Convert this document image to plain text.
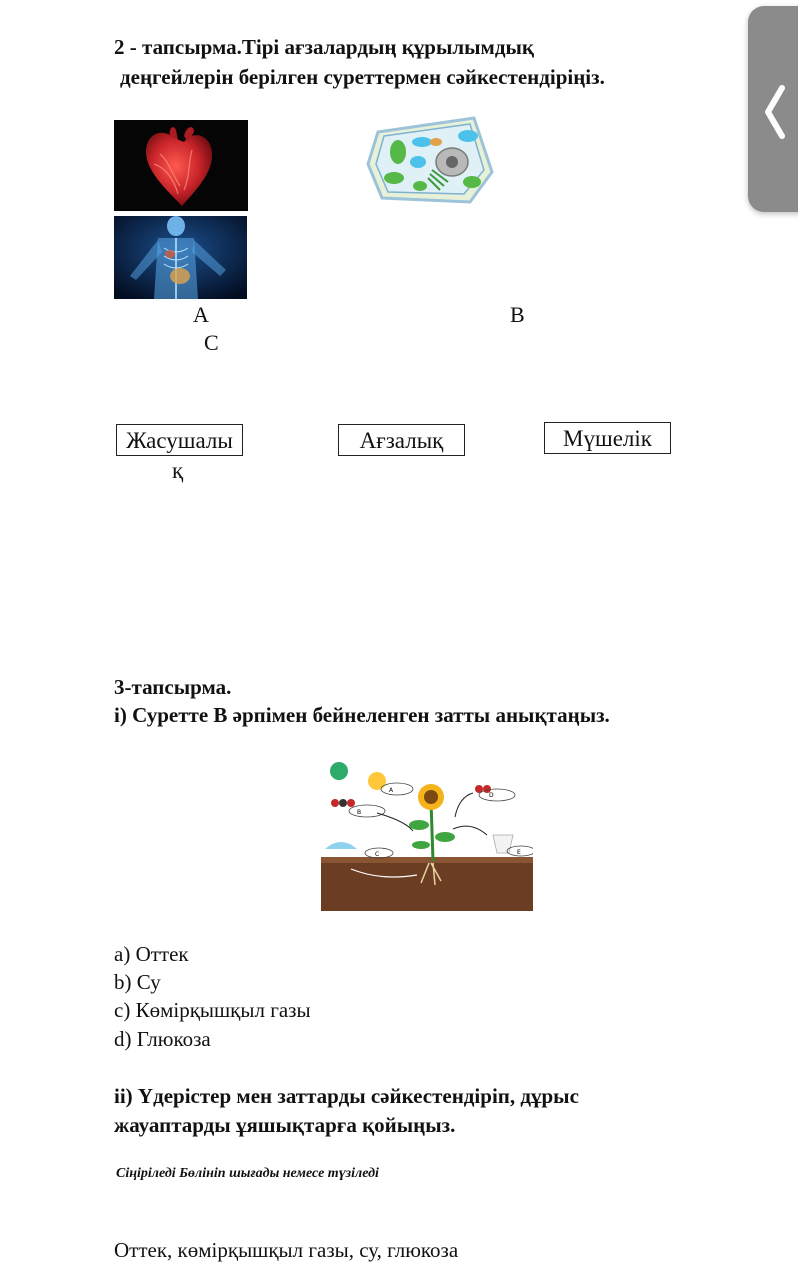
2 - тапсырма.Тірі ағзалардың құрылымдық
деңгейлерін берілген суреттермен сәйкестендіріңіз.
A	B
C
Жасушалы
қ
Ағзалық	Мүшелік
3-тапсырма.
i) Суретте В әрпімен бейнеленген затты анықтаңыз.
A
B
C
D
E
a) Оттек
b) Су
c) Көмірқышқыл газы
d) Глюкоза
ii) Үдерістер мен заттарды сәйкестендіріп, дұрыс
жауаптарды ұяшықтарға қойыңыз.
Сіңіріледі Бөлініп шығады немесе түзіледі
Оттек, көмірқышқыл газы, су, глюкоза
